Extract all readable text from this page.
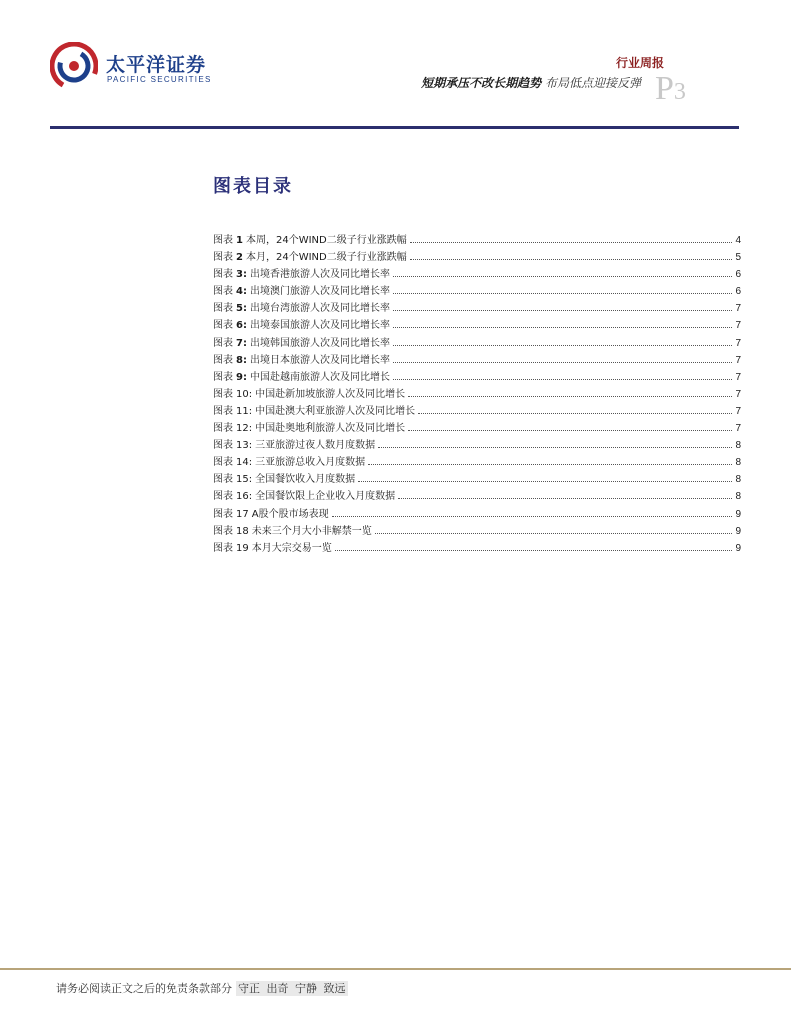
太平洋证券
PACIFIC SECURITIES
行业周报
短期承压不改长期趋势 布局低点迎接反弹 P3
图表目录
图表 1 本周，24个WIND二级子行业涨跌幅	4
图表 2 本月，24个WIND二级子行业涨跌幅	5
图表 3: 出境香港旅游人次及同比增长率	6
图表 4: 出境澳门旅游人次及同比增长率	6
图表 5: 出境台湾旅游人次及同比增长率	7
图表 6: 出境泰国旅游人次及同比增长率	7
图表 7: 出境韩国旅游人次及同比增长率	7
图表 8: 出境日本旅游人次及同比增长率	7
图表 9: 中国赴越南旅游人次及同比增长	7
图表 10: 中国赴新加坡旅游人次及同比增长	7
图表 11: 中国赴澳大利亚旅游人次及同比增长	7
图表 12: 中国赴奥地利旅游人次及同比增长	7
图表 13: 三亚旅游过夜人数月度数据	8
图表 14: 三亚旅游总收入月度数据	8
图表 15: 全国餐饮收入月度数据	8
图表 16: 全国餐饮限上企业收入月度数据	8
图表 17 A股个股市场表现	9
图表 18 未来三个月大小非解禁一览	9
图表 19 本月大宗交易一览	9
请务必阅读正文之后的免责条款部分 守正 出奇 宁静 致远
